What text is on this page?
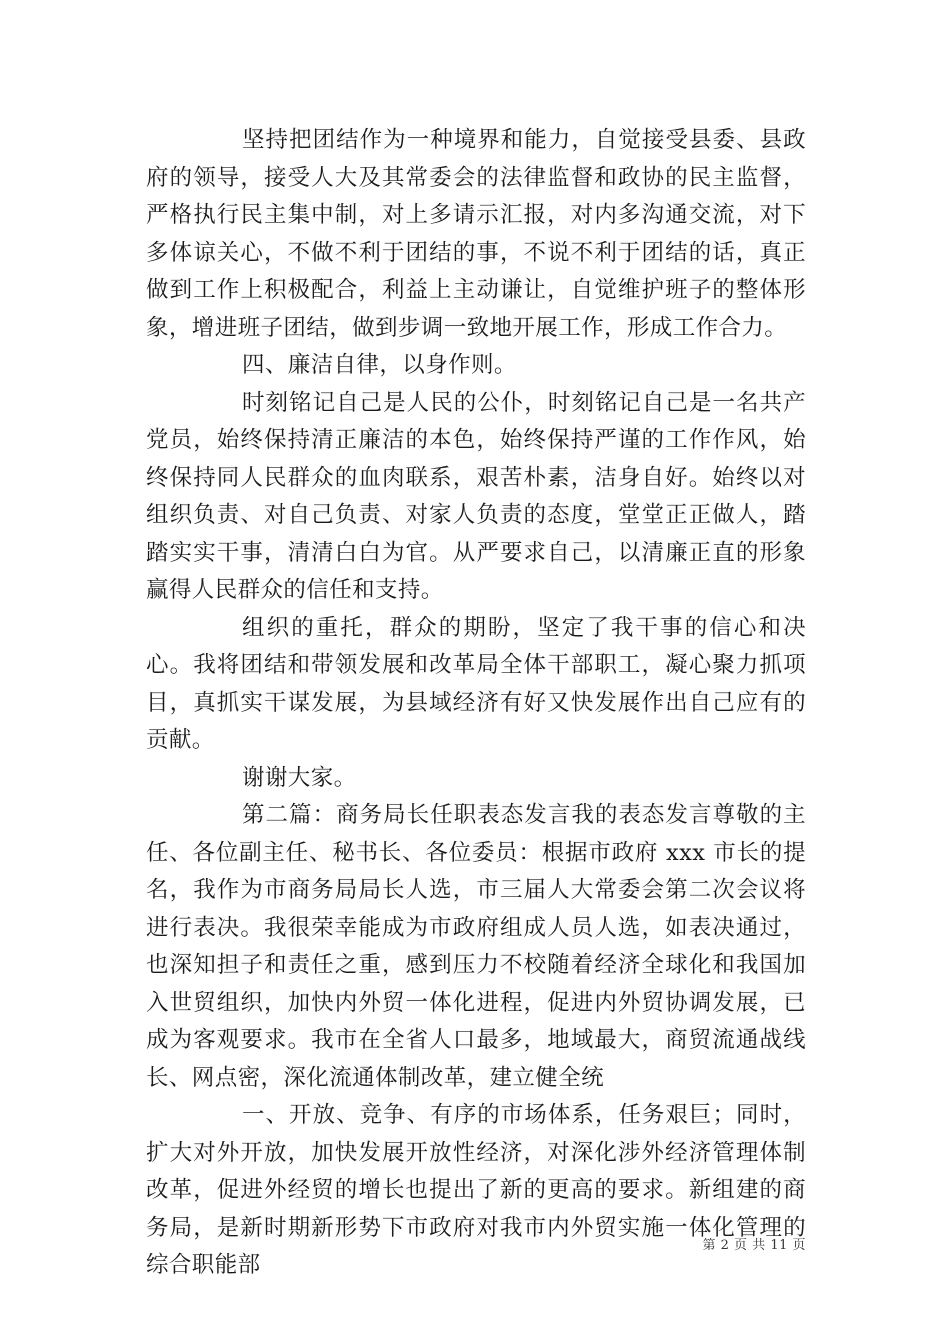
坚持把团结作为一种境界和能力，自觉接受县委、县政府的领导，接受人大及其常委会的法律监督和政协的民主监督，严格执行民主集中制，对上多请示汇报，对内多沟通交流，对下多体谅关心，不做不利于团结的事，不说不利于团结的话，真正做到工作上积极配合，利益上主动谦让，自觉维护班子的整体形象，增进班子团结，做到步调一致地开展工作，形成工作合力。

四、廉洁自律，以身作则。

时刻铭记自己是人民的公仆，时刻铭记自己是一名共产党员，始终保持清正廉洁的本色，始终保持严谨的工作作风，始终保持同人民群众的血肉联系，艰苦朴素，洁身自好。始终以对组织负责、对自己负责、对家人负责的态度，堂堂正正做人，踏踏实实干事，清清白白为官。从严要求自己，以清廉正直的形象赢得人民群众的信任和支持。

组织的重托，群众的期盼，坚定了我干事的信心和决心。我将团结和带领发展和改革局全体干部职工，凝心聚力抓项目，真抓实干谋发展，为县域经济有好又快发展作出自己应有的贡献。

谢谢大家。

第二篇：商务局长任职表态发言我的表态发言尊敬的主任、各位副主任、秘书长、各位委员：根据市政府 xxx 市长的提名，我作为市商务局局长人选，市三届人大常委会第二次会议将进行表决。我很荣幸能成为市政府组成人员人选，如表决通过，也深知担子和责任之重，感到压力不校随着经济全球化和我国加入世贸组织，加快内外贸一体化进程，促进内外贸协调发展，已成为客观要求。我市在全省人口最多，地域最大，商贸流通战线长、网点密，深化流通体制改革，建立健全统

一、开放、竞争、有序的市场体系，任务艰巨；同时，扩大对外开放，加快发展开放性经济，对深化涉外经济管理体制改革，促进外经贸的增长也提出了新的更高的要求。新组建的商务局，是新时期新形势下市政府对我市内外贸实施一体化管理的综合职能部

第 2 页 共 11 页
